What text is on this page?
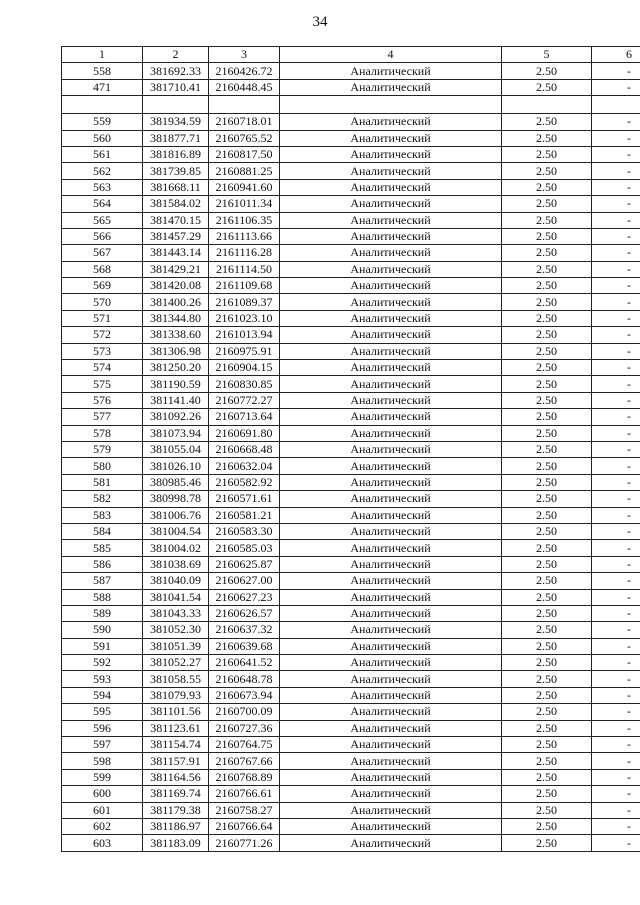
34
1	2	3	4	5	6
558	381692.33	2160426.72	Аналитический	2.50	-
471	381710.41	2160448.45	Аналитический	2.50	-

559	381934.59	2160718.01	Аналитический	2.50	-
560	381877.71	2160765.52	Аналитический	2.50	-
561	381816.89	2160817.50	Аналитический	2.50	-
562	381739.85	2160881.25	Аналитический	2.50	-
563	381668.11	2160941.60	Аналитический	2.50	-
564	381584.02	2161011.34	Аналитический	2.50	-
565	381470.15	2161106.35	Аналитический	2.50	-
566	381457.29	2161113.66	Аналитический	2.50	-
567	381443.14	2161116.28	Аналитический	2.50	-
568	381429.21	2161114.50	Аналитический	2.50	-
569	381420.08	2161109.68	Аналитический	2.50	-
570	381400.26	2161089.37	Аналитический	2.50	-
571	381344.80	2161023.10	Аналитический	2.50	-
572	381338.60	2161013.94	Аналитический	2.50	-
573	381306.98	2160975.91	Аналитический	2.50	-
574	381250.20	2160904.15	Аналитический	2.50	-
575	381190.59	2160830.85	Аналитический	2.50	-
576	381141.40	2160772.27	Аналитический	2.50	-
577	381092.26	2160713.64	Аналитический	2.50	-
578	381073.94	2160691.80	Аналитический	2.50	-
579	381055.04	2160668.48	Аналитический	2.50	-
580	381026.10	2160632.04	Аналитический	2.50	-
581	380985.46	2160582.92	Аналитический	2.50	-
582	380998.78	2160571.61	Аналитический	2.50	-
583	381006.76	2160581.21	Аналитический	2.50	-
584	381004.54	2160583.30	Аналитический	2.50	-
585	381004.02	2160585.03	Аналитический	2.50	-
586	381038.69	2160625.87	Аналитический	2.50	-
587	381040.09	2160627.00	Аналитический	2.50	-
588	381041.54	2160627.23	Аналитический	2.50	-
589	381043.33	2160626.57	Аналитический	2.50	-
590	381052.30	2160637.32	Аналитический	2.50	-
591	381051.39	2160639.68	Аналитический	2.50	-
592	381052.27	2160641.52	Аналитический	2.50	-
593	381058.55	2160648.78	Аналитический	2.50	-
594	381079.93	2160673.94	Аналитический	2.50	-
595	381101.56	2160700.09	Аналитический	2.50	-
596	381123.61	2160727.36	Аналитический	2.50	-
597	381154.74	2160764.75	Аналитический	2.50	-
598	381157.91	2160767.66	Аналитический	2.50	-
599	381164.56	2160768.89	Аналитический	2.50	-
600	381169.74	2160766.61	Аналитический	2.50	-
601	381179.38	2160758.27	Аналитический	2.50	-
602	381186.97	2160766.64	Аналитический	2.50	-
603	381183.09	2160771.26	Аналитический	2.50	-
